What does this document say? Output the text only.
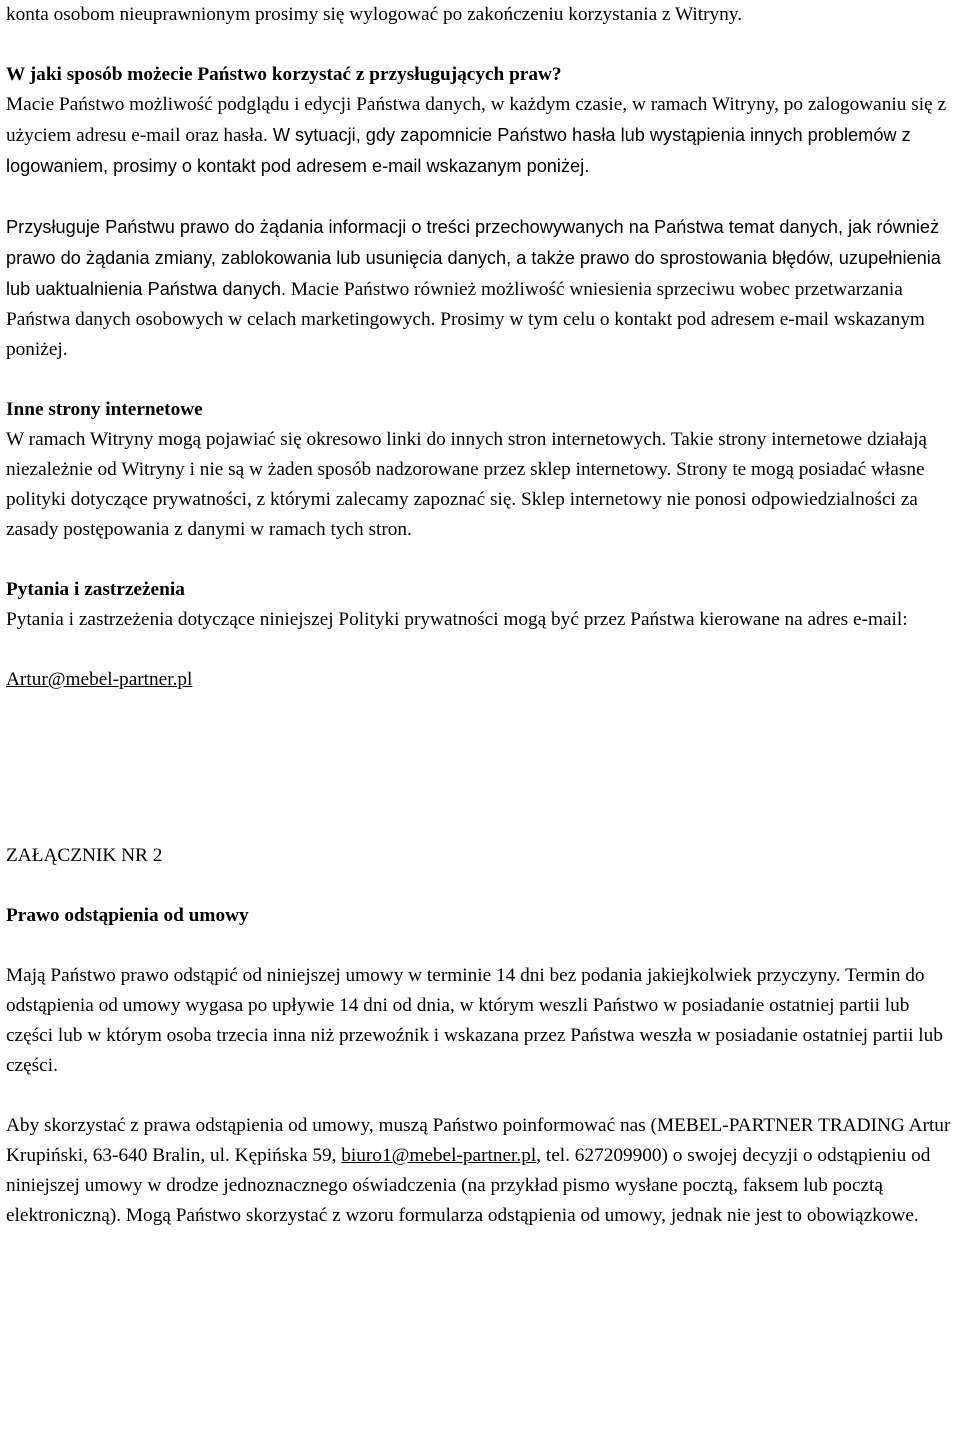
konta osobom nieuprawnionym prosimy się wylogować po zakończeniu korzystania z Witryny.

W jaki sposób możecie Państwo korzystać z przysługujących praw?

Macie Państwo możliwość podglądu i edycji Państwa danych, w każdym czasie, w ramach Witryny, po zalogowaniu się z użyciem adresu e-mail oraz hasła. W sytuacji, gdy zapomnicie Państwo hasła lub wystąpienia innych problemów z logowaniem, prosimy o kontakt pod adresem e-mail wskazanym poniżej.

Przysługuje Państwu prawo do żądania informacji o treści przechowywanych na Państwa temat danych, jak również prawo do żądania zmiany, zablokowania lub usunięcia danych, a także prawo do sprostowania błędów, uzupełnienia lub uaktualnienia Państwa danych. Macie Państwo również możliwość wniesienia sprzeciwu wobec przetwarzania Państwa danych osobowych w celach marketingowych. Prosimy w tym celu o kontakt pod adresem e-mail wskazanym poniżej.

Inne strony internetowe

W ramach Witryny mogą pojawiać się okresowo linki do innych stron internetowych. Takie strony internetowe działają niezależnie od Witryny i nie są w żaden sposób nadzorowane przez sklep internetowy. Strony te mogą posiadać własne polityki dotyczące prywatności, z którymi zalecamy zapoznać się. Sklep internetowy nie ponosi odpowiedzialności za zasady postępowania z danymi w ramach tych stron.

Pytania i zastrzeżenia

Pytania i zastrzeżenia dotyczące niniejszej Polityki prywatności mogą być przez Państwa kierowane na adres e-mail:

Artur@mebel-partner.pl

ZAŁĄCZNIK NR 2

Prawo odstąpienia od umowy

Mają Państwo prawo odstąpić od niniejszej umowy w terminie 14 dni bez podania jakiejkolwiek przyczyny. Termin do odstąpienia od umowy wygasa po upływie 14 dni od dnia, w którym weszli Państwo w posiadanie ostatniej partii lub części lub w którym osoba trzecia inna niż przewoźnik i wskazana przez Państwa weszła w posiadanie ostatniej partii lub części.

Aby skorzystać z prawa odstąpienia od umowy, muszą Państwo poinformować nas (MEBEL-PARTNER TRADING Artur Krupiński, 63-640 Bralin, ul. Kępińska 59, biuro1@mebel-partner.pl, tel. 627209900) o swojej decyzji o odstąpieniu od niniejszej umowy w drodze jednoznacznego oświadczenia (na przykład pismo wysłane pocztą, faksem lub pocztą elektroniczną). Mogą Państwo skorzystać z wzoru formularza odstąpienia od umowy, jednak nie jest to obowiązkowe.
